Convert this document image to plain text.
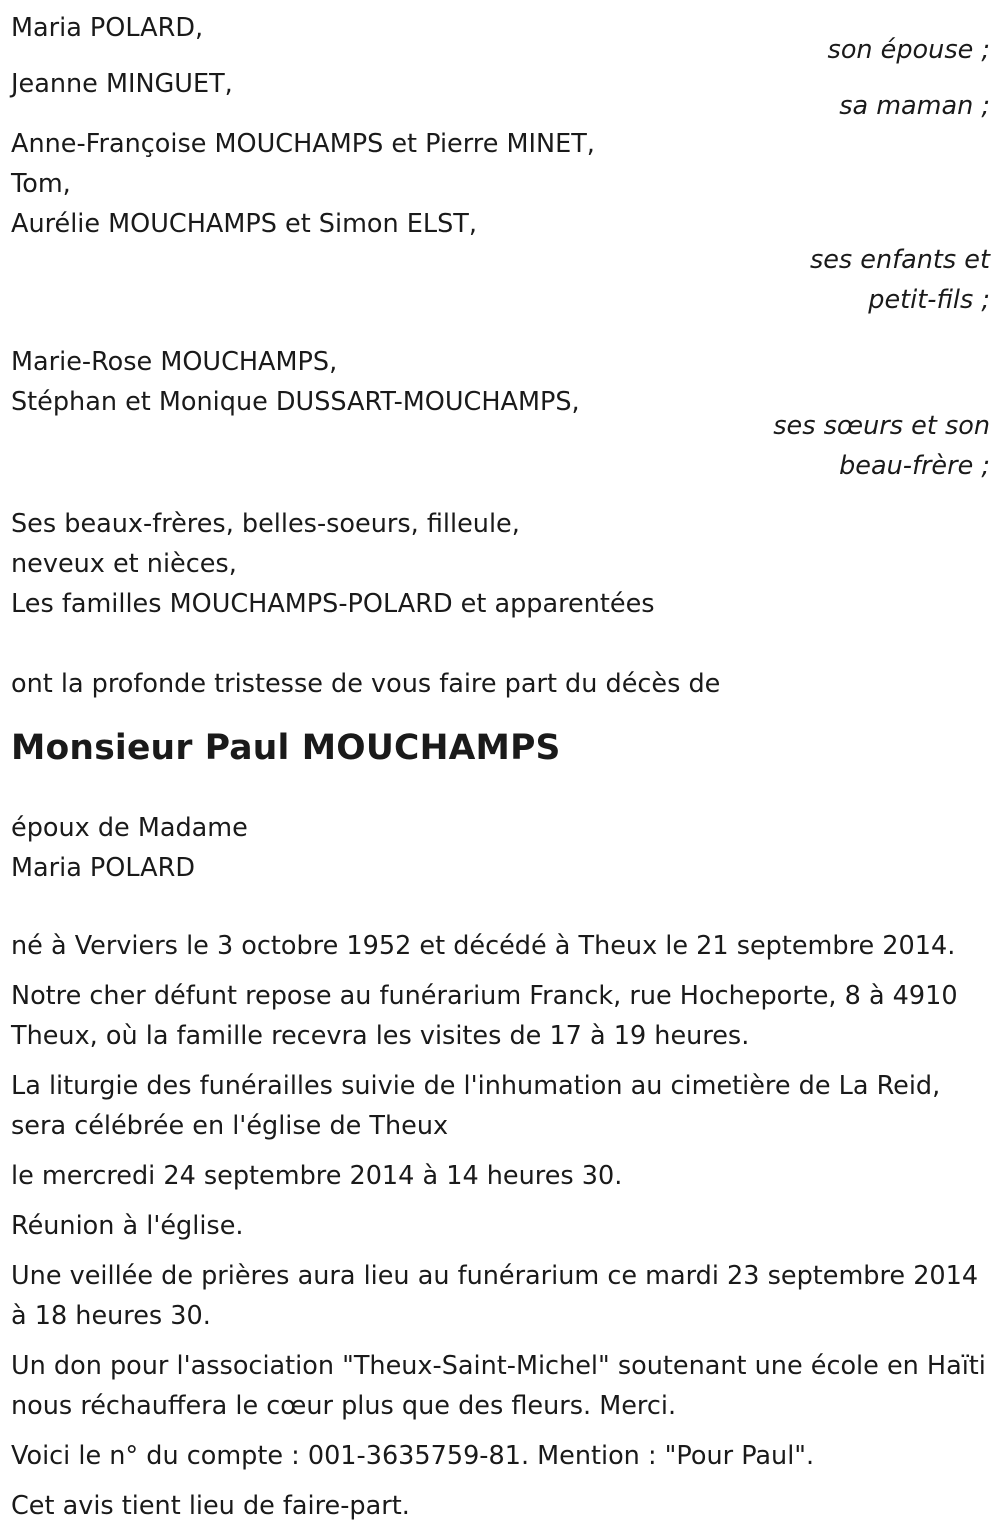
Maria POLARD,
son épouse ;
Jeanne MINGUET,
sa maman ;
Anne-Françoise MOUCHAMPS et Pierre MINET,
Tom,
Aurélie MOUCHAMPS et Simon ELST,
ses enfants et
petit-fils ;
Marie-Rose MOUCHAMPS,
Stéphan et Monique DUSSART-MOUCHAMPS,
ses sœurs et son
beau-frère ;
Ses beaux-frères, belles-soeurs, filleule,
neveux et nièces,
Les familles MOUCHAMPS-POLARD et apparentées
ont la profonde tristesse de vous faire part du décès de
Monsieur Paul MOUCHAMPS
époux de Madame
Maria POLARD
né à Verviers le 3 octobre 1952 et décédé à Theux le 21 septembre 2014.
Notre cher défunt repose au funérarium Franck, rue Hocheporte, 8 à 4910 Theux, où la famille recevra les visites de 17 à 19 heures.
La liturgie des funérailles suivie de l'inhumation au cimetière de La Reid, sera célébrée en l'église de Theux
le mercredi 24 septembre 2014 à 14 heures 30.
Réunion à l'église.
Une veillée de prières aura lieu au funérarium ce mardi 23 septembre 2014 à 18 heures 30.
Un don pour l'association "Theux-Saint-Michel" soutenant une école en Haïti nous réchauffera le cœur plus que des fleurs. Merci.
Voici le n° du compte : 001-3635759-81. Mention : "Pour Paul".
Cet avis tient lieu de faire-part.
